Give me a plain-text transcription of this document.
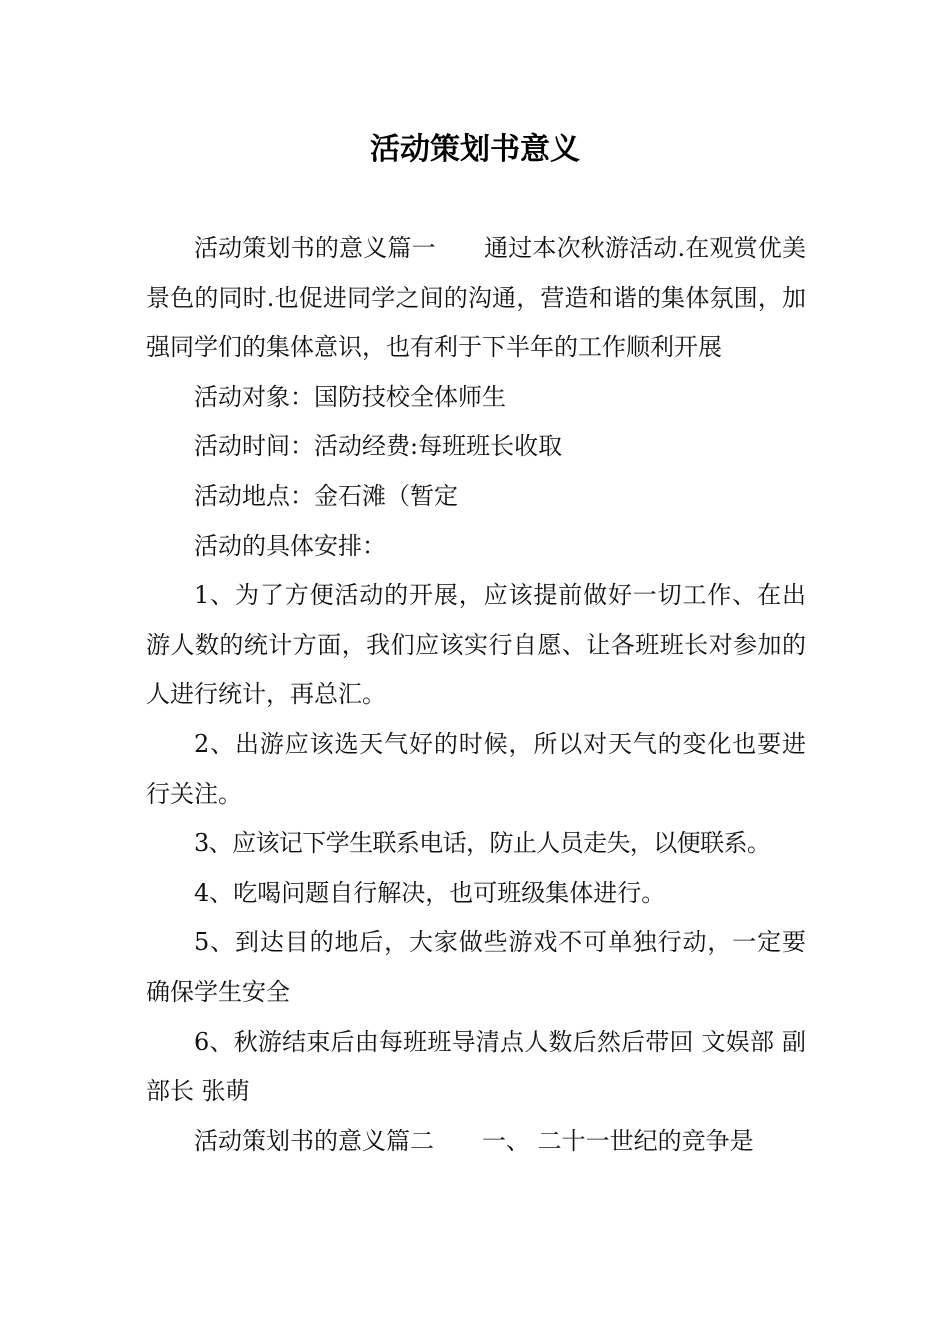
活动策划书意义

活动策划书的意义篇一　　通过本次秋游活动.在观赏优美景色的同时.也促进同学之间的沟通，营造和谐的集体氛围，加强同学们的集体意识，也有利于下半年的工作顺利开展

活动对象：国防技校全体师生

活动时间：活动经费:每班班长收取

活动地点：金石滩（暂定

活动的具体安排：

1、为了方便活动的开展，应该提前做好一切工作、在出游人数的统计方面，我们应该实行自愿、让各班班长对参加的人进行统计，再总汇。

2、出游应该选天气好的时候，所以对天气的变化也要进行关注。

3、应该记下学生联系电话，防止人员走失，以便联系。

4、吃喝问题自行解决，也可班级集体进行。

5、到达目的地后，大家做些游戏不可单独行动，一定要确保学生安全

6、秋游结束后由每班班导清点人数后然后带回 文娱部 副部长 张萌

活动策划书的意义篇二　　一、 二十一世纪的竞争是
